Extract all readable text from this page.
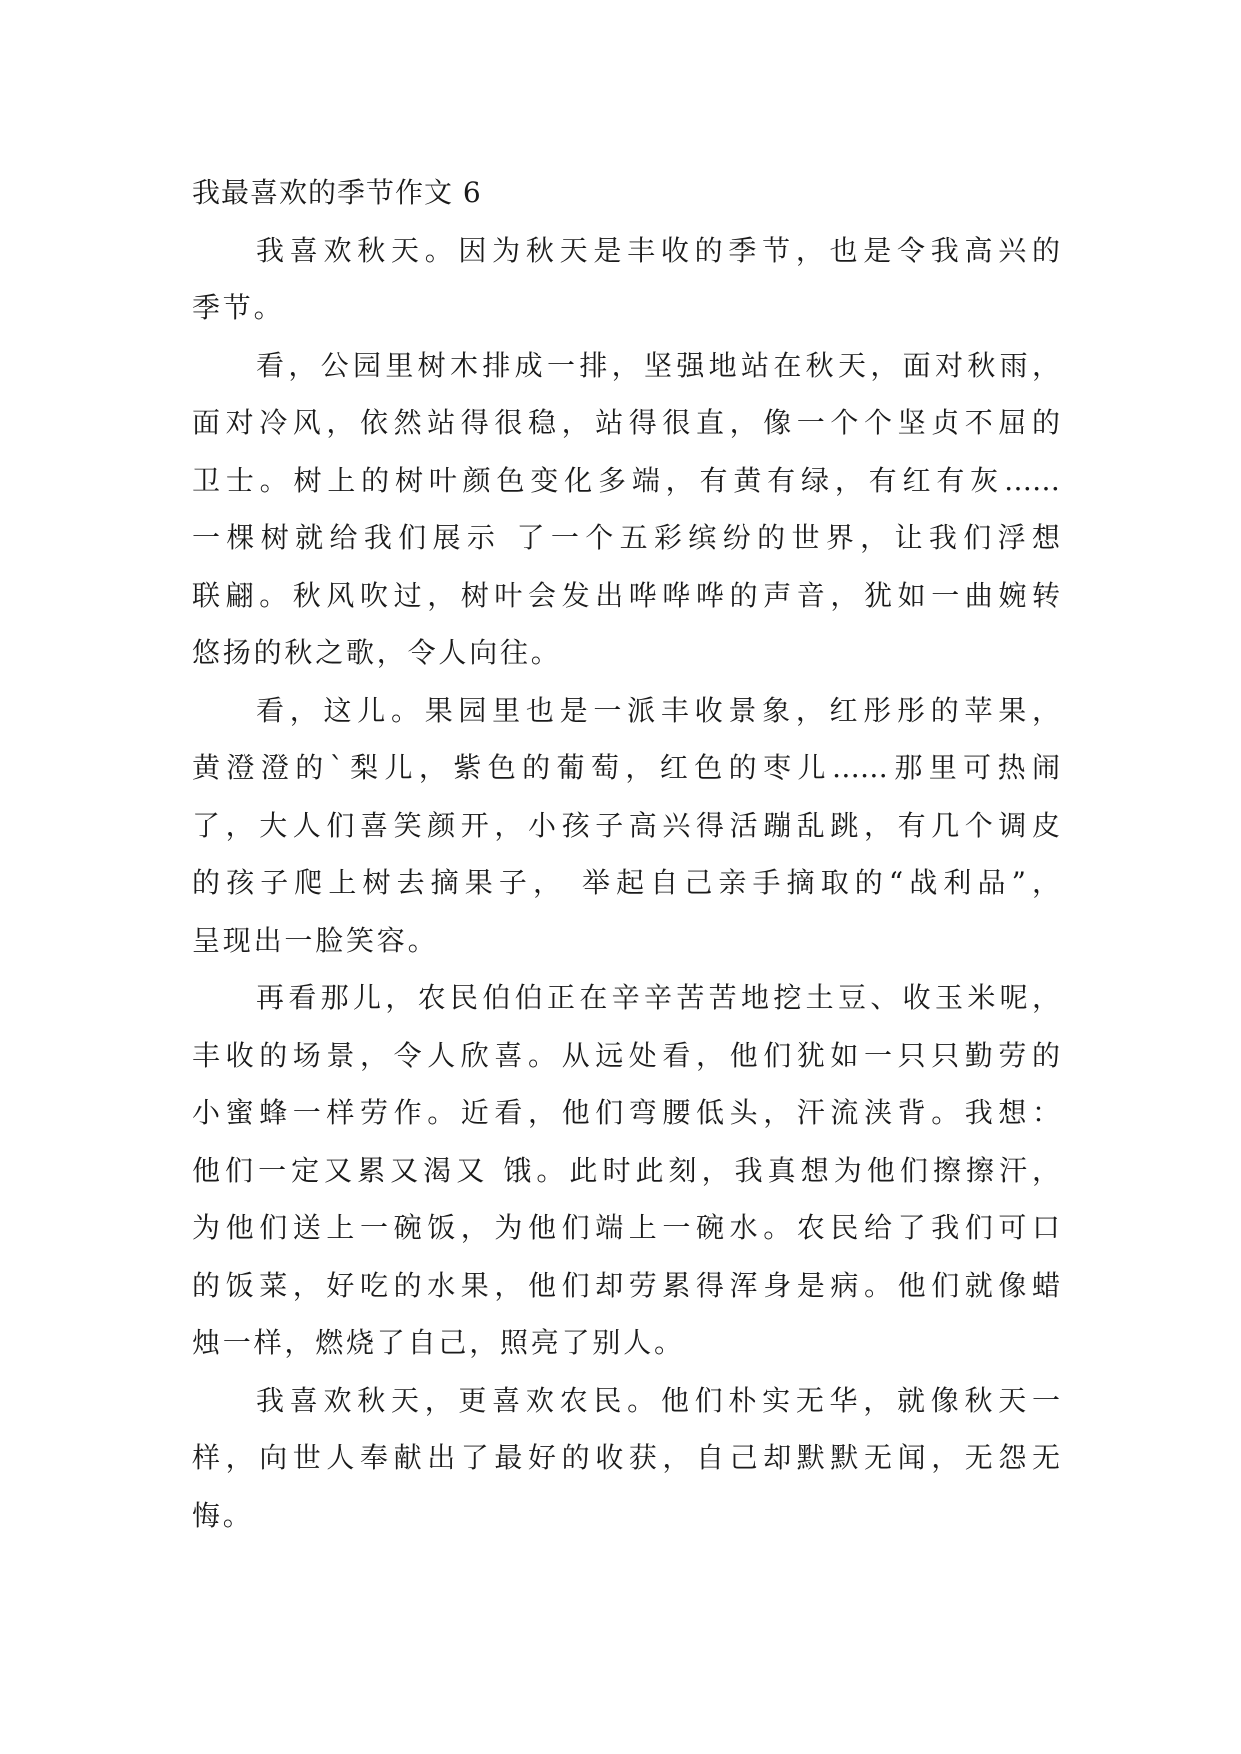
我最喜欢的季节作文 6
我喜欢秋天。因为秋天是丰收的季节，也是令我高兴的
季节。
看，公园里树木排成一排，坚强地站在秋天，面对秋雨，
面对冷风，依然站得很稳，站得很直，像一个个坚贞不屈的
卫士。树上的树叶颜色变化多端，有黄有绿，有红有灰……
一棵树就给我们展示 了一个五彩缤纷的世界，让我们浮想
联翩。秋风吹过，树叶会发出哗哗哗的声音，犹如一曲婉转
悠扬的秋之歌，令人向往。
看，这儿。果园里也是一派丰收景象，红彤彤的苹果，
黄澄澄的`梨儿，紫色的葡萄，红色的枣儿……那里可热闹
了，大人们喜笑颜开，小孩子高兴得活蹦乱跳，有几个调皮
的孩子爬上树去摘果子， 举起自己亲手摘取的“战利品”，
呈现出一脸笑容。
再看那儿，农民伯伯正在辛辛苦苦地挖土豆、收玉米呢，
丰收的场景，令人欣喜。从远处看，他们犹如一只只勤劳的
小蜜蜂一样劳作。近看，他们弯腰低头，汗流浃背。我想：
他们一定又累又渴又 饿。此时此刻，我真想为他们擦擦汗，
为他们送上一碗饭，为他们端上一碗水。农民给了我们可口
的饭菜，好吃的水果，他们却劳累得浑身是病。他们就像蜡
烛一样，燃烧了自己，照亮了别人。
我喜欢秋天，更喜欢农民。他们朴实无华，就像秋天一
样，向世人奉献出了最好的收获，自己却默默无闻，无怨无
悔。
